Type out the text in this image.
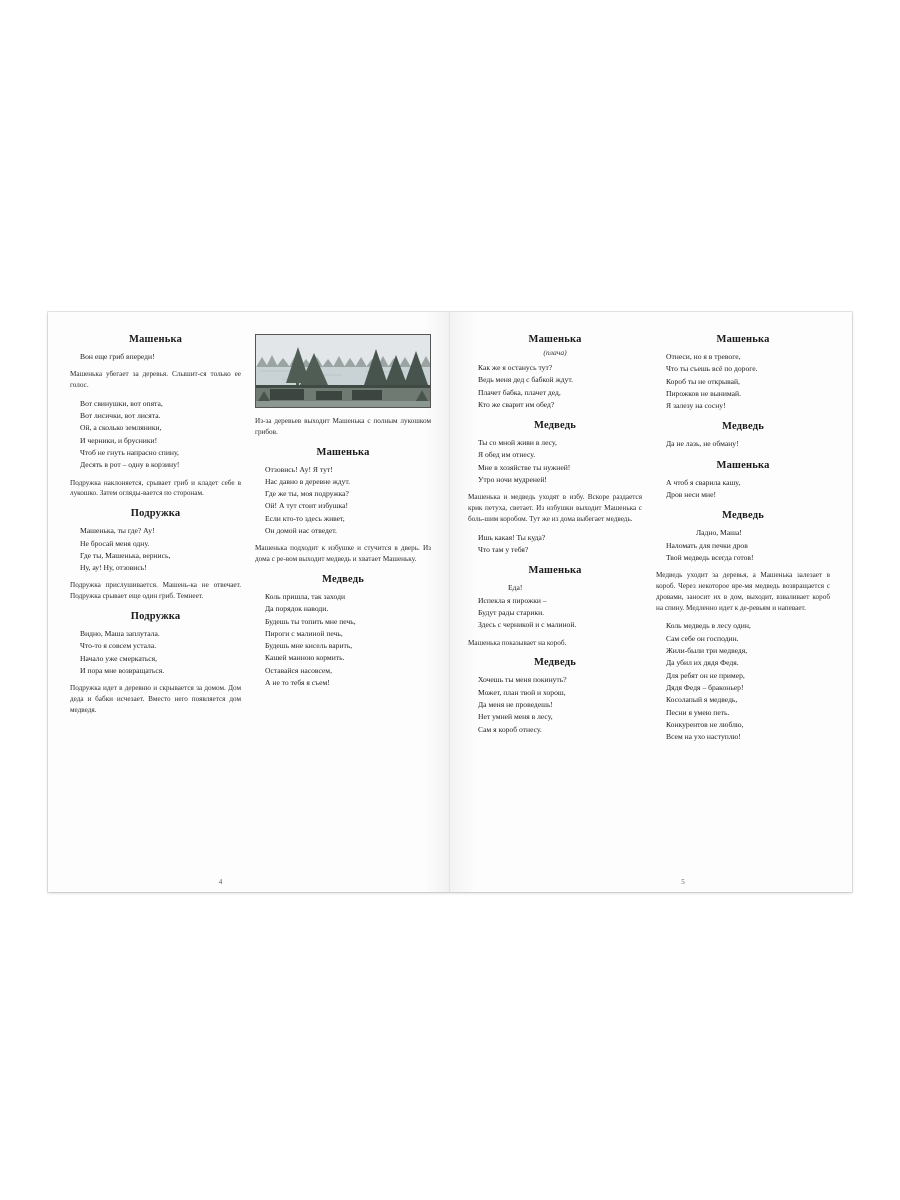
Машенька
Вон еще гриб впереди!
Машенька убегает за деревья. Слышит-ся только ее голос.
Вот свинушки, вот опята,
Вот лисички, вот лисята.
Ой, а сколько земляники,
И черники, и брусники!
Чтоб не гнуть напрасно спину,
Десять в рот – одну в корзину!
Подружка наклоняется, срывает гриб и кладет себе в лукошко. Затем огляды-вается по сторонам.
Подружка
Машенька, ты где? Ау!
Не бросай меня одну.
Где ты, Машенька, вернись,
Ну, ау! Ну, отзовись!
Подружка прислушивается. Машень-ка не отвечает. Подружка срывает еще один гриб. Темнеет.
Подружка
Видно, Маша заплутала.
Что-то я совсем устала.
Начало уже смеркаться,
И пора мне возвращаться.
Подружка идет в деревню и скрывается за домом. Дом деда и бабки исчезает. Вместо него появляется дом медведя.
Из-за деревьев выходит Машенька с полным лукошком грибов.
Машенька
Отзовись! Ау! Я тут!
Нас давно в деревне ждут.
Где же ты, моя подружка?
Ой! А тут стоит избушка!
Если кто-то здесь живет,
Он домой нас отведет.
Машенька подходит к избушке и стучится в дверь. Из дома с ре-вом выходит медведь и хватает Машеньку.
Медведь
Коль пришла, так заходи
Да порядок наводи.
Будешь ты топить мне печь,
Пироги с малиной печь,
Будешь мне кисель варить,
Кашей манною кормить.
Оставайся насовсем,
А не то тебя я съем!
4
Машенька
(плача)
Как же я останусь тут?
Ведь меня дед с бабкой ждут.
Плачет бабка, плачет дед,
Кто же сварит им обед?
Медведь
Ты со мной живи в лесу,
Я обед им отнесу.
Мне в хозяйстве ты нужней!
Утро ночи мудреней!
Машенька и медведь уходят в избу. Вскоре раздается крик петуха, светает. Из избушки выходит Машенька с боль-шим коробом. Тут же из дома выбегает медведь.
Ишь какая! Ты куда?
Что там у тебя?
Машенька
Еда!
Испекла я пирожки –
Будут рады старики.
Здесь с черникой и с малиной.
Машенька показывает на короб.
Медведь
Хочешь ты меня покинуть?
Может, план твой и хорош,
Да меня не проведешь!
Нет умней меня в лесу,
Сам я короб отнесу.
Машенька
Отнеси, но я в тревоге,
Что ты съешь всё по дороге.
Короб ты не открывай,
Пирожков не вынимай.
Я залезу на сосну!
Медведь
Да не лазь, не обману!
Машенька
А чтоб я сварила кашу,
Дров неси мне!
Медведь
Ладно, Маша!
Наломать для печки дров
Твой медведь всегда готов!
Медведь уходит за деревья, а Машенька залезает в короб. Через некоторое вре-мя медведь возвращается с дровами, заносит их в дом, выходит, взваливает короб на спину. Медленно идет к де-ревьям и напевает.
Коль медведь в лесу один,
Сам себе он господин.
Жили-были три медведя,
Да убил их дядя Федя.
Для ребят он не пример,
Дядя Федя – браконьер!
Косолапый я медведь,
Песни я умею петь.
Конкурентов не люблю,
Всем на ухо наступлю!
5
